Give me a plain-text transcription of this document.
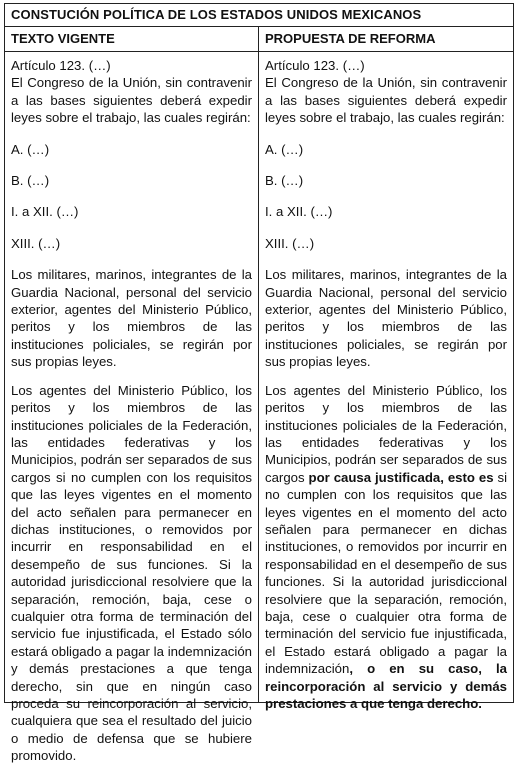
CONSTUCIÓN POLÍTICA DE LOS ESTADOS UNIDOS MEXICANOS
TEXTO VIGENTE

Artículo 123. (…)

El Congreso de la Unión, sin contravenir a las bases siguientes deberá expedir leyes sobre el trabajo, las cuales regirán:

A. (…)

B. (…)

I. a XII. (…)

XIII. (…)

Los militares, marinos, integrantes de la Guardia Nacional, personal del servicio exterior, agentes del Ministerio Público, peritos y los miembros de las instituciones policiales, se regirán por sus propias leyes.

Los agentes del Ministerio Público, los peritos y los miembros de las instituciones policiales de la Federación, las entidades federativas y los Municipios, podrán ser separados de sus cargos si no cumplen con los requisitos que las leyes vigentes en el momento del acto señalen para permanecer en dichas instituciones, o removidos por incurrir en responsabilidad en el desempeño de sus funciones. Si la autoridad jurisdiccional resolviere que la separación, remoción, baja, cese o cualquier otra forma de terminación del servicio fue injustificada, el Estado sólo estará obligado a pagar la indemnización y demás prestaciones a que tenga derecho, sin que en ningún caso proceda su reincorporación al servicio, cualquiera que sea el resultado del juicio o medio de defensa que se hubiere promovido.

PROPUESTA DE REFORMA

Artículo 123. (…)

El Congreso de la Unión, sin contravenir a las bases siguientes deberá expedir leyes sobre el trabajo, las cuales regirán:

A. (…)

B. (…)

I. a XII. (…)

XIII. (…)

Los militares, marinos, integrantes de la Guardia Nacional, personal del servicio exterior, agentes del Ministerio Público, peritos y los miembros de las instituciones policiales, se regirán por sus propias leyes.

Los agentes del Ministerio Público, los peritos y los miembros de las instituciones policiales de la Federación, las entidades federativas y los Municipios, podrán ser separados de sus cargos por causa justificada, esto es si no cumplen con los requisitos que las leyes vigentes en el momento del acto señalen para permanecer en dichas instituciones, o removidos por incurrir en responsabilidad en el desempeño de sus funciones. Si la autoridad jurisdiccional resolviere que la separación, remoción, baja, cese o cualquier otra forma de terminación del servicio fue injustificada, el Estado estará obligado a pagar la indemnización, o en su caso, la reincorporación al servicio y demás prestaciones a que tenga derecho.
